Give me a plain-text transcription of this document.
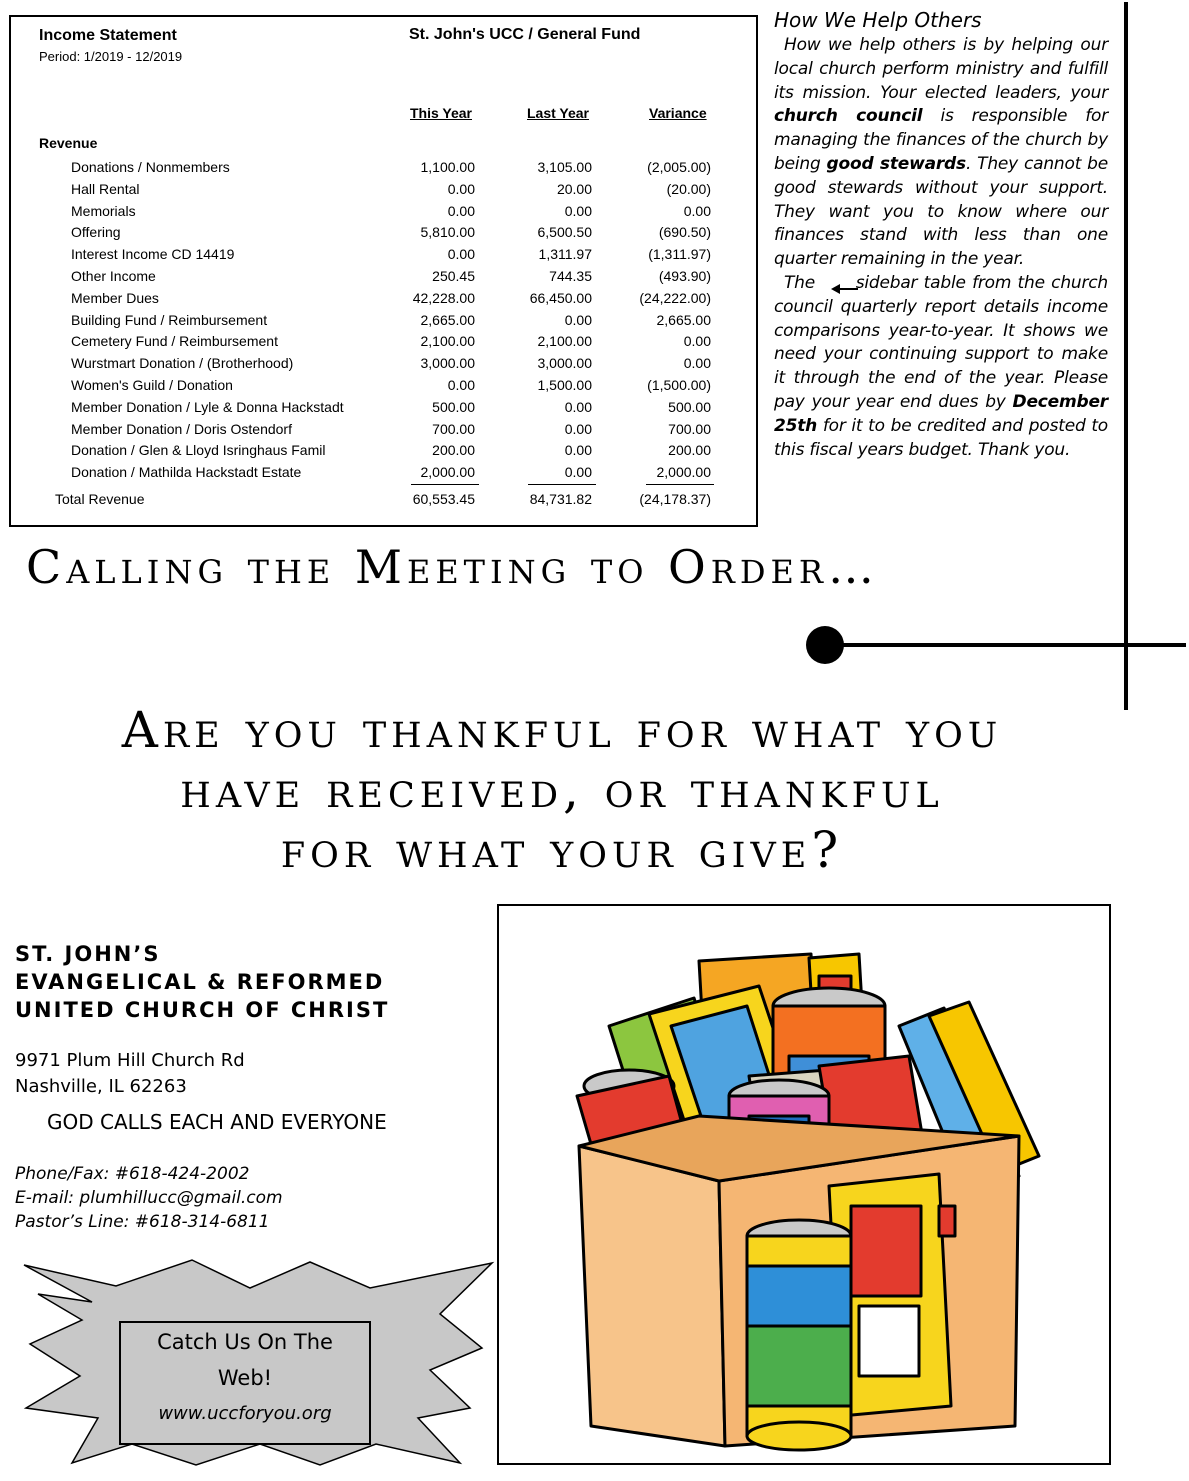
Income Statement
Period: 1/2019 - 12/2019
St. John's UCC / General Fund
This Year	Last Year	Variance
Revenue
Donations / Nonmembers	1,100.00	3,105.00	(2,005.00)
Hall Rental	0.00	20.00	(20.00)
Memorials	0.00	0.00	0.00
Offering	5,810.00	6,500.50	(690.50)
Interest Income CD 14419	0.00	1,311.97	(1,311.97)
Other Income	250.45	744.35	(493.90)
Member Dues	42,228.00	66,450.00	(24,222.00)
Building Fund / Reimbursement	2,665.00	0.00	2,665.00
Cemetery Fund / Reimbursement	2,100.00	2,100.00	0.00
Wurstmart Donation / (Brotherhood)	3,000.00	3,000.00	0.00
Women's Guild / Donation	0.00	1,500.00	(1,500.00)
Member Donation / Lyle & Donna Hackstadt	500.00	0.00	500.00
Member Donation / Doris Ostendorf	700.00	0.00	700.00
Donation / Glen & Lloyd Isringhaus Famil	200.00	0.00	200.00
Donation / Mathilda Hackstadt Estate	2,000.00	0.00	2,000.00
Total Revenue	60,553.45	84,731.82	(24,178.37)
How We Help Others

How we help others is by helping our local church perform ministry and fulfill its mission. Your elected leaders, your church council is responsible for managing the finances of the church by being good stewards. They cannot be good stewards without your support. They want you to know where our finances stand with less than one quarter remaining in the year.

The sidebar table from the church council quarterly report details income comparisons year-to-year. It shows we need your continuing support to make it through the end of the year. Please pay your year end dues by December 25th for it to be credited and posted to this fiscal years budget. Thank you.

Calling the Meeting to Order…
Are you thankful for what you
have received, or thankful
for what your give?
ST. JOHN’S
EVANGELICAL & REFORMED
UNITED CHURCH OF CHRIST
9971 Plum Hill Church Rd
Nashville, IL 62263
GOD CALLS EACH AND EVERYONE
Phone/Fax: #618-424-2002
E-mail: plumhillucc@gmail.com
Pastor’s Line: #618-314-6811
Catch Us On The
Web!
www.uccforyou.org
